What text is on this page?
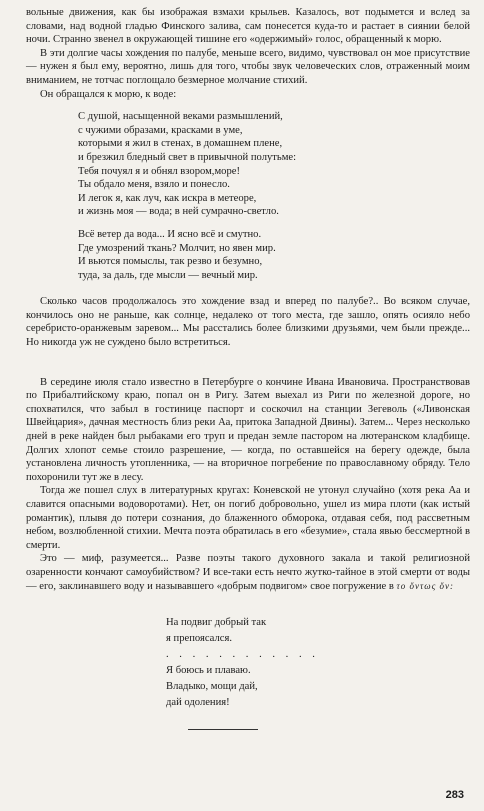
вольные движения, как бы изображая взмахи крыльев. Казалось, вот подымется и вслед за словами, над водной гладью Финского залива, сам понесется куда-то и растает в сиянии белой ночи. Странно звенел в окружающей тишине его «одержимый» голос, обращенный к морю.

В эти долгие часы хождения по палубе, меньше всего, видимо, чувствовал он мое присутствие — нужен я был ему, вероятно, лишь для того, чтобы звук человеческих слов, отраженный моим вниманием, не тотчас поглощало безмерное молчание стихий.

Он обращался к морю, к воде:

С душой, насыщенной веками размышлений,
с чужими образами, красками в уме,
которыми я жил в стенах, в домашнем плене,
и брезжил бледный свет в привычной полутьме:
Тебя почуял я и обнял взором,море!
Ты обдало меня, взяло и понесло.
И легок я, как луч, как искра в метеоре,
и жизнь моя — вода; в ней сумрачно-светло.
Всё ветер да вода... И ясно всё и смутно.
Где умозрений ткань? Молчит, но явен мир.
И вьются помыслы, так резво и безумно,
туда, за даль, где мысли — вечный мир.

Сколько часов продолжалось это хождение взад и вперед по палубе?.. Во всяком случае, кончилось оно не раньше, как солнце, недалеко от того места, где зашло, опять осияло небо серебристо-оранжевым заревом... Мы расстались более близкими друзьями, чем были прежде... Но никогда уж не суждено было встретиться.

В середине июля стало известно в Петербурге о кончине Ивана Ивановича. Пространствовав по Прибалтийскому краю, попал он в Ригу. Затем выехал из Риги по железной дороге, но спохватился, что забыл в гостинице паспорт и соскочил на станции Зегеволь («Ливонская Швейцария», дачная местность близ реки Аа, притока Западной Двины). Затем... Через несколько дней в реке найден был рыбаками его труп и предан земле пастором на лютеранском кладбище. Долгих хлопот семье стоило разрешение, — когда, по оставшейся на берегу одежде, была установлена личность утопленника, — на вторичное погребение по православному обряду. Тело похоронили тут же в лесу.

Тогда же пошел слух в литературных кругах: Коневской не утонул случайно (хотя река Аа и славится опасными водоворотами). Нет, он погиб добровольно, ушел из мира плоти (как истый романтик), плывя до потери сознания, до блаженного обморока, отдавая себя, под рассветным небом, возлюбленной стихии. Мечта поэта обратилась в его «безумие», стала явью бессмертной в смерти.

Это — миф, разумеется... Разве поэты такого духовного закала и такой религиозной озаренности кончают самоубийством? И все-таки есть нечто жутко-тайное в этой смерти от воды — его, заклинавшего воду и называвшего «добрым подвигом» свое погружение в το ὄντως ὄν:

На подвиг добрый так
я препоясался.
. . . . . . . . . . . .
Я боюсь и плаваю.
Владыко, мощи дай,
дай одоления!
283
